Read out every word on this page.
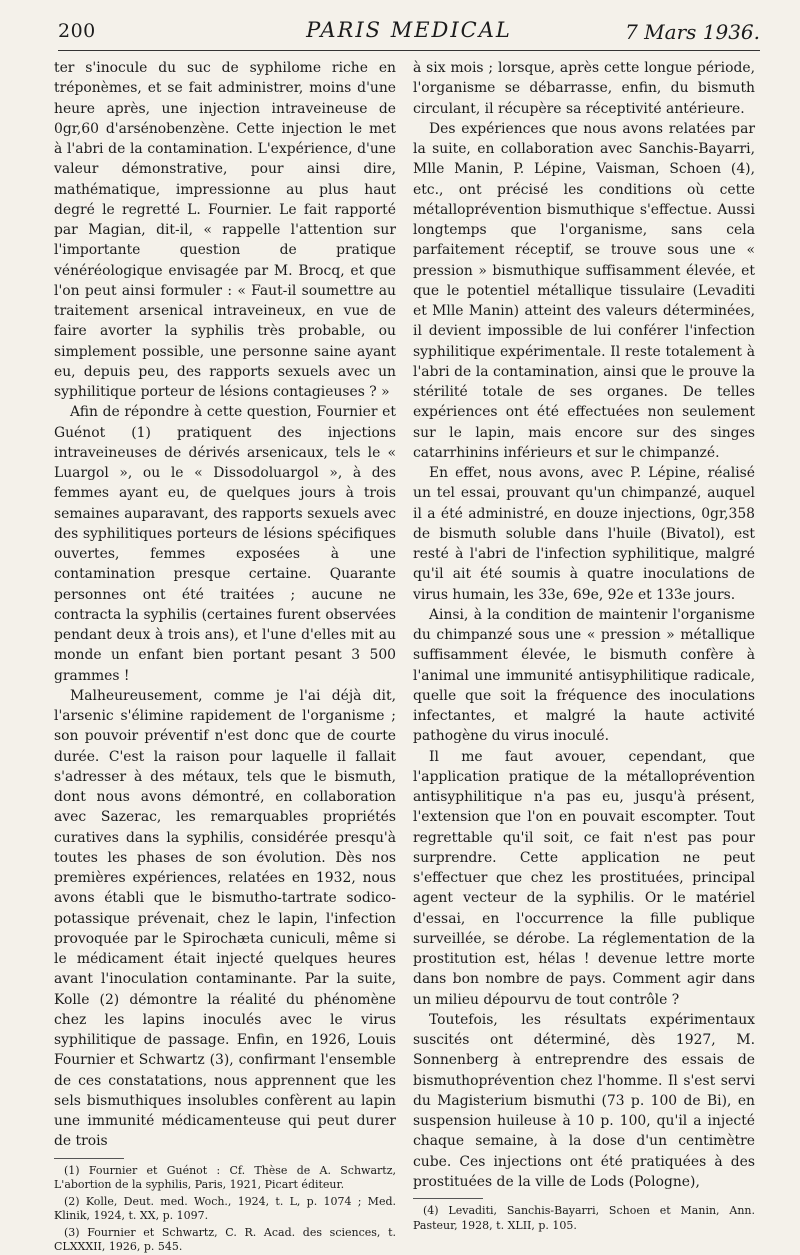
200	PARIS MEDICAL	7 Mars 1936.

ter s'inocule du suc de syphilome riche en tréponèmes, et se fait administrer, moins d'une heure après, une injection intraveineuse de 0gr,60 d'arsénobenzène. Cette injection le met à l'abri de la contamination. L'expérience, d'une valeur démonstrative, pour ainsi dire, mathématique, impressionne au plus haut degré le regretté L. Fournier. Le fait rapporté par Magian, dit-il, « rappelle l'attention sur l'importante question de pratique vénéréologique envisagée par M. Brocq, et que l'on peut ainsi formuler : « Faut-il soumettre au traitement arsenical intraveineux, en vue de faire avorter la syphilis très probable, ou simplement possible, une personne saine ayant eu, depuis peu, des rapports sexuels avec un syphilitique porteur de lésions contagieuses ? »

Afin de répondre à cette question, Fournier et Guénot (1) pratiquent des injections intraveineuses de dérivés arsenicaux, tels le « Luargol », ou le « Dissodoluargol », à des femmes ayant eu, de quelques jours à trois semaines auparavant, des rapports sexuels avec des syphilitiques porteurs de lésions spécifiques ouvertes, femmes exposées à une contamination presque certaine. Quarante personnes ont été traitées ; aucune ne contracta la syphilis (certaines furent observées pendant deux à trois ans), et l'une d'elles mit au monde un enfant bien portant pesant 3 500 grammes !

Malheureusement, comme je l'ai déjà dit, l'arsenic s'élimine rapidement de l'organisme ; son pouvoir préventif n'est donc que de courte durée. C'est la raison pour laquelle il fallait s'adresser à des métaux, tels que le bismuth, dont nous avons démontré, en collaboration avec Sazerac, les remarquables propriétés curatives dans la syphilis, considérée presqu'à toutes les phases de son évolution. Dès nos premières expériences, relatées en 1932, nous avons établi que le bismutho-tartrate sodico-potassique prévenait, chez le lapin, l'infection provoquée par le Spirochæta cuniculi, même si le médicament était injecté quelques heures avant l'inoculation contaminante. Par la suite, Kolle (2) démontre la réalité du phénomène chez les lapins inoculés avec le virus syphilitique de passage. Enfin, en 1926, Louis Fournier et Schwartz (3), confirmant l'ensemble de ces constatations, nous apprennent que les sels bismuthiques insolubles confèrent au lapin une immunité médicamenteuse qui peut durer de trois

(1) Fournier et Guénot : Cf. Thèse de A. Schwartz, L'abortion de la syphilis, Paris, 1921, Picart éditeur.

(2) Kolle, Deut. med. Woch., 1924, t. L, p. 1074 ; Med. Klinik, 1924, t. XX, p. 1097.

(3) Fournier et Schwartz, C. R. Acad. des sciences, t. CLXXXII, 1926, p. 545.

à six mois ; lorsque, après cette longue période, l'organisme se débarrasse, enfin, du bismuth circulant, il récupère sa réceptivité antérieure.

Des expériences que nous avons relatées par la suite, en collaboration avec Sanchis-Bayarri, Mlle Manin, P. Lépine, Vaisman, Schoen (4), etc., ont précisé les conditions où cette métalloprévention bismuthique s'effectue. Aussi longtemps que l'organisme, sans cela parfaitement réceptif, se trouve sous une « pression » bismuthique suffisamment élevée, et que le potentiel métallique tissulaire (Levaditi et Mlle Manin) atteint des valeurs déterminées, il devient impossible de lui conférer l'infection syphilitique expérimentale. Il reste totalement à l'abri de la contamination, ainsi que le prouve la stérilité totale de ses organes. De telles expériences ont été effectuées non seulement sur le lapin, mais encore sur des singes catarrhinins inférieurs et sur le chimpanzé.

En effet, nous avons, avec P. Lépine, réalisé un tel essai, prouvant qu'un chimpanzé, auquel il a été administré, en douze injections, 0gr,358 de bismuth soluble dans l'huile (Bivatol), est resté à l'abri de l'infection syphilitique, malgré qu'il ait été soumis à quatre inoculations de virus humain, les 33e, 69e, 92e et 133e jours.

Ainsi, à la condition de maintenir l'organisme du chimpanzé sous une « pression » métallique suffisamment élevée, le bismuth confère à l'animal une immunité antisyphilitique radicale, quelle que soit la fréquence des inoculations infectantes, et malgré la haute activité pathogène du virus inoculé.

Il me faut avouer, cependant, que l'application pratique de la métalloprévention antisyphilitique n'a pas eu, jusqu'à présent, l'extension que l'on en pouvait escompter. Tout regrettable qu'il soit, ce fait n'est pas pour surprendre. Cette application ne peut s'effectuer que chez les prostituées, principal agent vecteur de la syphilis. Or le matériel d'essai, en l'occurrence la fille publique surveillée, se dérobe. La réglementation de la prostitution est, hélas ! devenue lettre morte dans bon nombre de pays. Comment agir dans un milieu dépourvu de tout contrôle ?

Toutefois, les résultats expérimentaux suscités ont déterminé, dès 1927, M. Sonnenberg à entreprendre des essais de bismuthoprévention chez l'homme. Il s'est servi du Magisterium bismuthi (73 p. 100 de Bi), en suspension huileuse à 10 p. 100, qu'il a injecté chaque semaine, à la dose d'un centimètre cube. Ces injections ont été pratiquées à des prostituées de la ville de Lods (Pologne),

(4) Levaditi, Sanchis-Bayarri, Schoen et Manin, Ann. Pasteur, 1928, t. XLII, p. 105.
